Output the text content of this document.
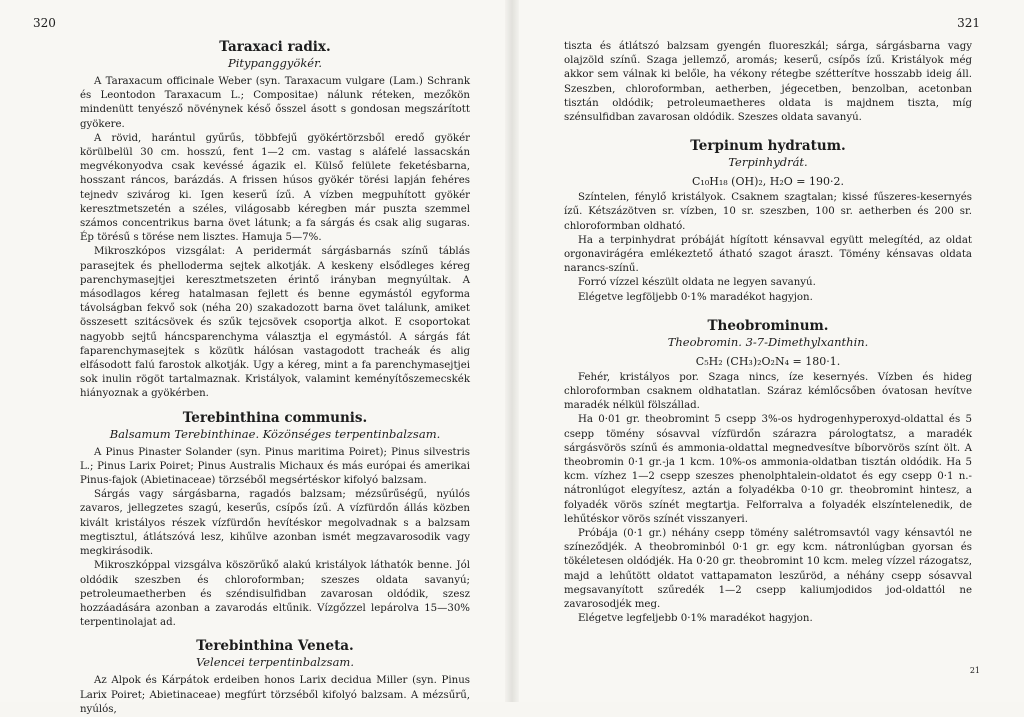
320
Taraxaci radix.
Pitypanggyökér.

A Taraxacum officinale Weber (syn. Taraxacum vulgare (Lam.) Schrank és Leontodon Taraxacum L.; Compositae) nálunk réteken, mezőkön mindenütt tenyésző növénynek késő ősszel ásott s gondosan megszárított gyökere.

A rövid, harántul gyűrűs, többfejű gyökértörzsből eredő gyökér körülbelül 30 cm. hosszú, fent 1—2 cm. vastag s aláfelé lassacskán megvékonyodva csak kevéssé ágazik el. Külső felülete feketésbarna, hosszant ráncos, barázdás. A frissen húsos gyökér törési lapján fehéres tejnedv szivárog ki. Igen keserű ízű. A vízben megpuhított gyökér keresztmetszetén a széles, világosabb kéregben már puszta szemmel számos concentrikus barna övet látunk; a fa sárgás és csak alig sugaras. Ép törésű s törése nem lisztes. Hamuja 5—7%.

Mikroszkópos vizsgálat: A peridermát sárgásbarnás színű táblás parasejtek és phelloderma sejtek alkotják. A keskeny elsődleges kéreg parenchymasejtjei keresztmetszeten érintő irányban megnyúltak. A másodlagos kéreg hatalmasan fejlett és benne egymástól egyforma távolságban fekvő sok (néha 20) szakadozott barna övet találunk, amiket összesett szitácsövek és szűk tejcsövek csoportja alkot. E csoportokat nagyobb sejtű háncsparenchyma választja el egymástól. A sárgás fát faparenchymasejtek s közütk hálósan vastagodott tracheák és alig elfásodott falú farostok alkotják. Ugy a kéreg, mint a fa parenchymasejtjei sok inulin rögöt tartalmaznak. Kristályok, valamint keményítőszemecskék hiányoznak a gyökérben.

Terebinthina communis.
Balsamum Terebinthinae. Közönséges terpentinbalzsam.

A Pinus Pinaster Solander (syn. Pinus maritima Poiret); Pinus silvestris L.; Pinus Larix Poiret; Pinus Australis Michaux és más európai és amerikai Pinus-fajok (Abietinaceae) törzséből megsértéskor kifolyó balzsam.

Sárgás vagy sárgásbarna, ragadós balzsam; mézsűrűségű, nyúlós zavaros, jellegzetes szagú, keserűs, csípős ízű. A vízfürdőn állás közben kivált kristályos részek vízfürdőn hevítéskor megolvadnak s a balzsam megtisztul, átlátszóvá lesz, kihűlve azonban ismét megzavarosodik vagy megkirásodik.

Mikroszkóppal vizsgálva köszörűkő alakú kristályok láthatók benne. Jól oldódik szeszben és chloroformban; szeszes oldata savanyú; petroleumaetherben és széndisulfidban zavarosan oldódik, szesz hozzáadására azonban a zavarodás eltűnik. Vízgőzzel lepárolva 15—30% terpentinolajat ad.

Terebinthina Veneta.
Velencei terpentinbalzsam.

Az Alpok és Kárpátok erdeiben honos Larix decidua Miller (syn. Pinus Larix Poiret; Abietinaceae) megfúrt törzséből kifolyó balzsam. A mézsűrű, nyúlós,

321

tiszta és átlátszó balzsam gyengén fluoreszkál; sárga, sárgásbarna vagy olajzöld színű. Szaga jellemző, aromás; keserű, csípős ízű. Kristályok még akkor sem válnak ki belőle, ha vékony rétegbe szétterítve hosszabb ideig áll. Szeszben, chloroformban, aetherben, jégecetben, benzolban, acetonban tisztán oldódik; petroleumaetheres oldata is majdnem tiszta, míg szénsulfidban zavarosan oldódik. Szeszes oldata savanyú.

Terpinum hydratum.
Terpinhydrát.
C₁₀H₁₈ (OH)₂, H₂O = 190·2.

Színtelen, fénylő kristályok. Csaknem szagtalan; kissé fűszeres-kesernyés ízű. Kétszázötven sr. vízben, 10 sr. szeszben, 100 sr. aetherben és 200 sr. chloroformban oldható.

Ha a terpinhydrat próbáját hígított kénsavval együtt melegítéd, az oldat orgonavirágéra emlékeztető átható szagot áraszt. Tömény kénsavas oldata narancs-színű.

Forró vízzel készült oldata ne legyen savanyú.

Elégetve legföljebb 0·1% maradékot hagyjon.

Theobrominum.
Theobromin. 3-7-Dimethylxanthin.
C₅H₂ (CH₃)₂O₂N₄ = 180·1.

Fehér, kristályos por. Szaga nincs, íze kesernyés. Vízben és hideg chloroformban csaknem oldhatatlan. Száraz kémlőcsőben óvatosan hevítve maradék nélkül fölszállad.

Ha 0·01 gr. theobromint 5 csepp 3%-os hydrogenhyperoxyd-oldattal és 5 csepp tömény sósavval vízfürdőn szárazra párologtatsz, a maradék sárgásvörös színű és ammonia-oldattal megnedvesítve bíborvörös színt ölt. A theobromin 0·1 gr.-ja 1 kcm. 10%-os ammonia-oldatban tisztán oldódik. Ha 5 kcm. vízhez 1—2 csepp szeszes phenolphtalein-oldatot és egy csepp 0·1 n.-nátronlúgot elegyítesz, aztán a folyadékba 0·10 gr. theobromint hintesz, a folyadék vörös színét megtartja. Felforralva a folyadék elszíntelenedik, de lehűtéskor vörös színét visszanyeri.

Próbája (0·1 gr.) néhány csepp tömény salétromsavtól vagy kénsavtól ne színeződjék. A theobrominból 0·1 gr. egy kcm. nátronlúgban gyorsan és tökéletesen oldódjék. Ha 0·20 gr. theobromint 10 kcm. meleg vízzel rázogatsz, majd a lehűtött oldatot vattapamaton leszűröd, a néhány csepp sósavval megsavanyított szűredék 1—2 csepp kaliumjodidos jod-oldattól ne zavarosodjék meg.

Elégetve legfeljebb 0·1% maradékot hagyjon.

21
